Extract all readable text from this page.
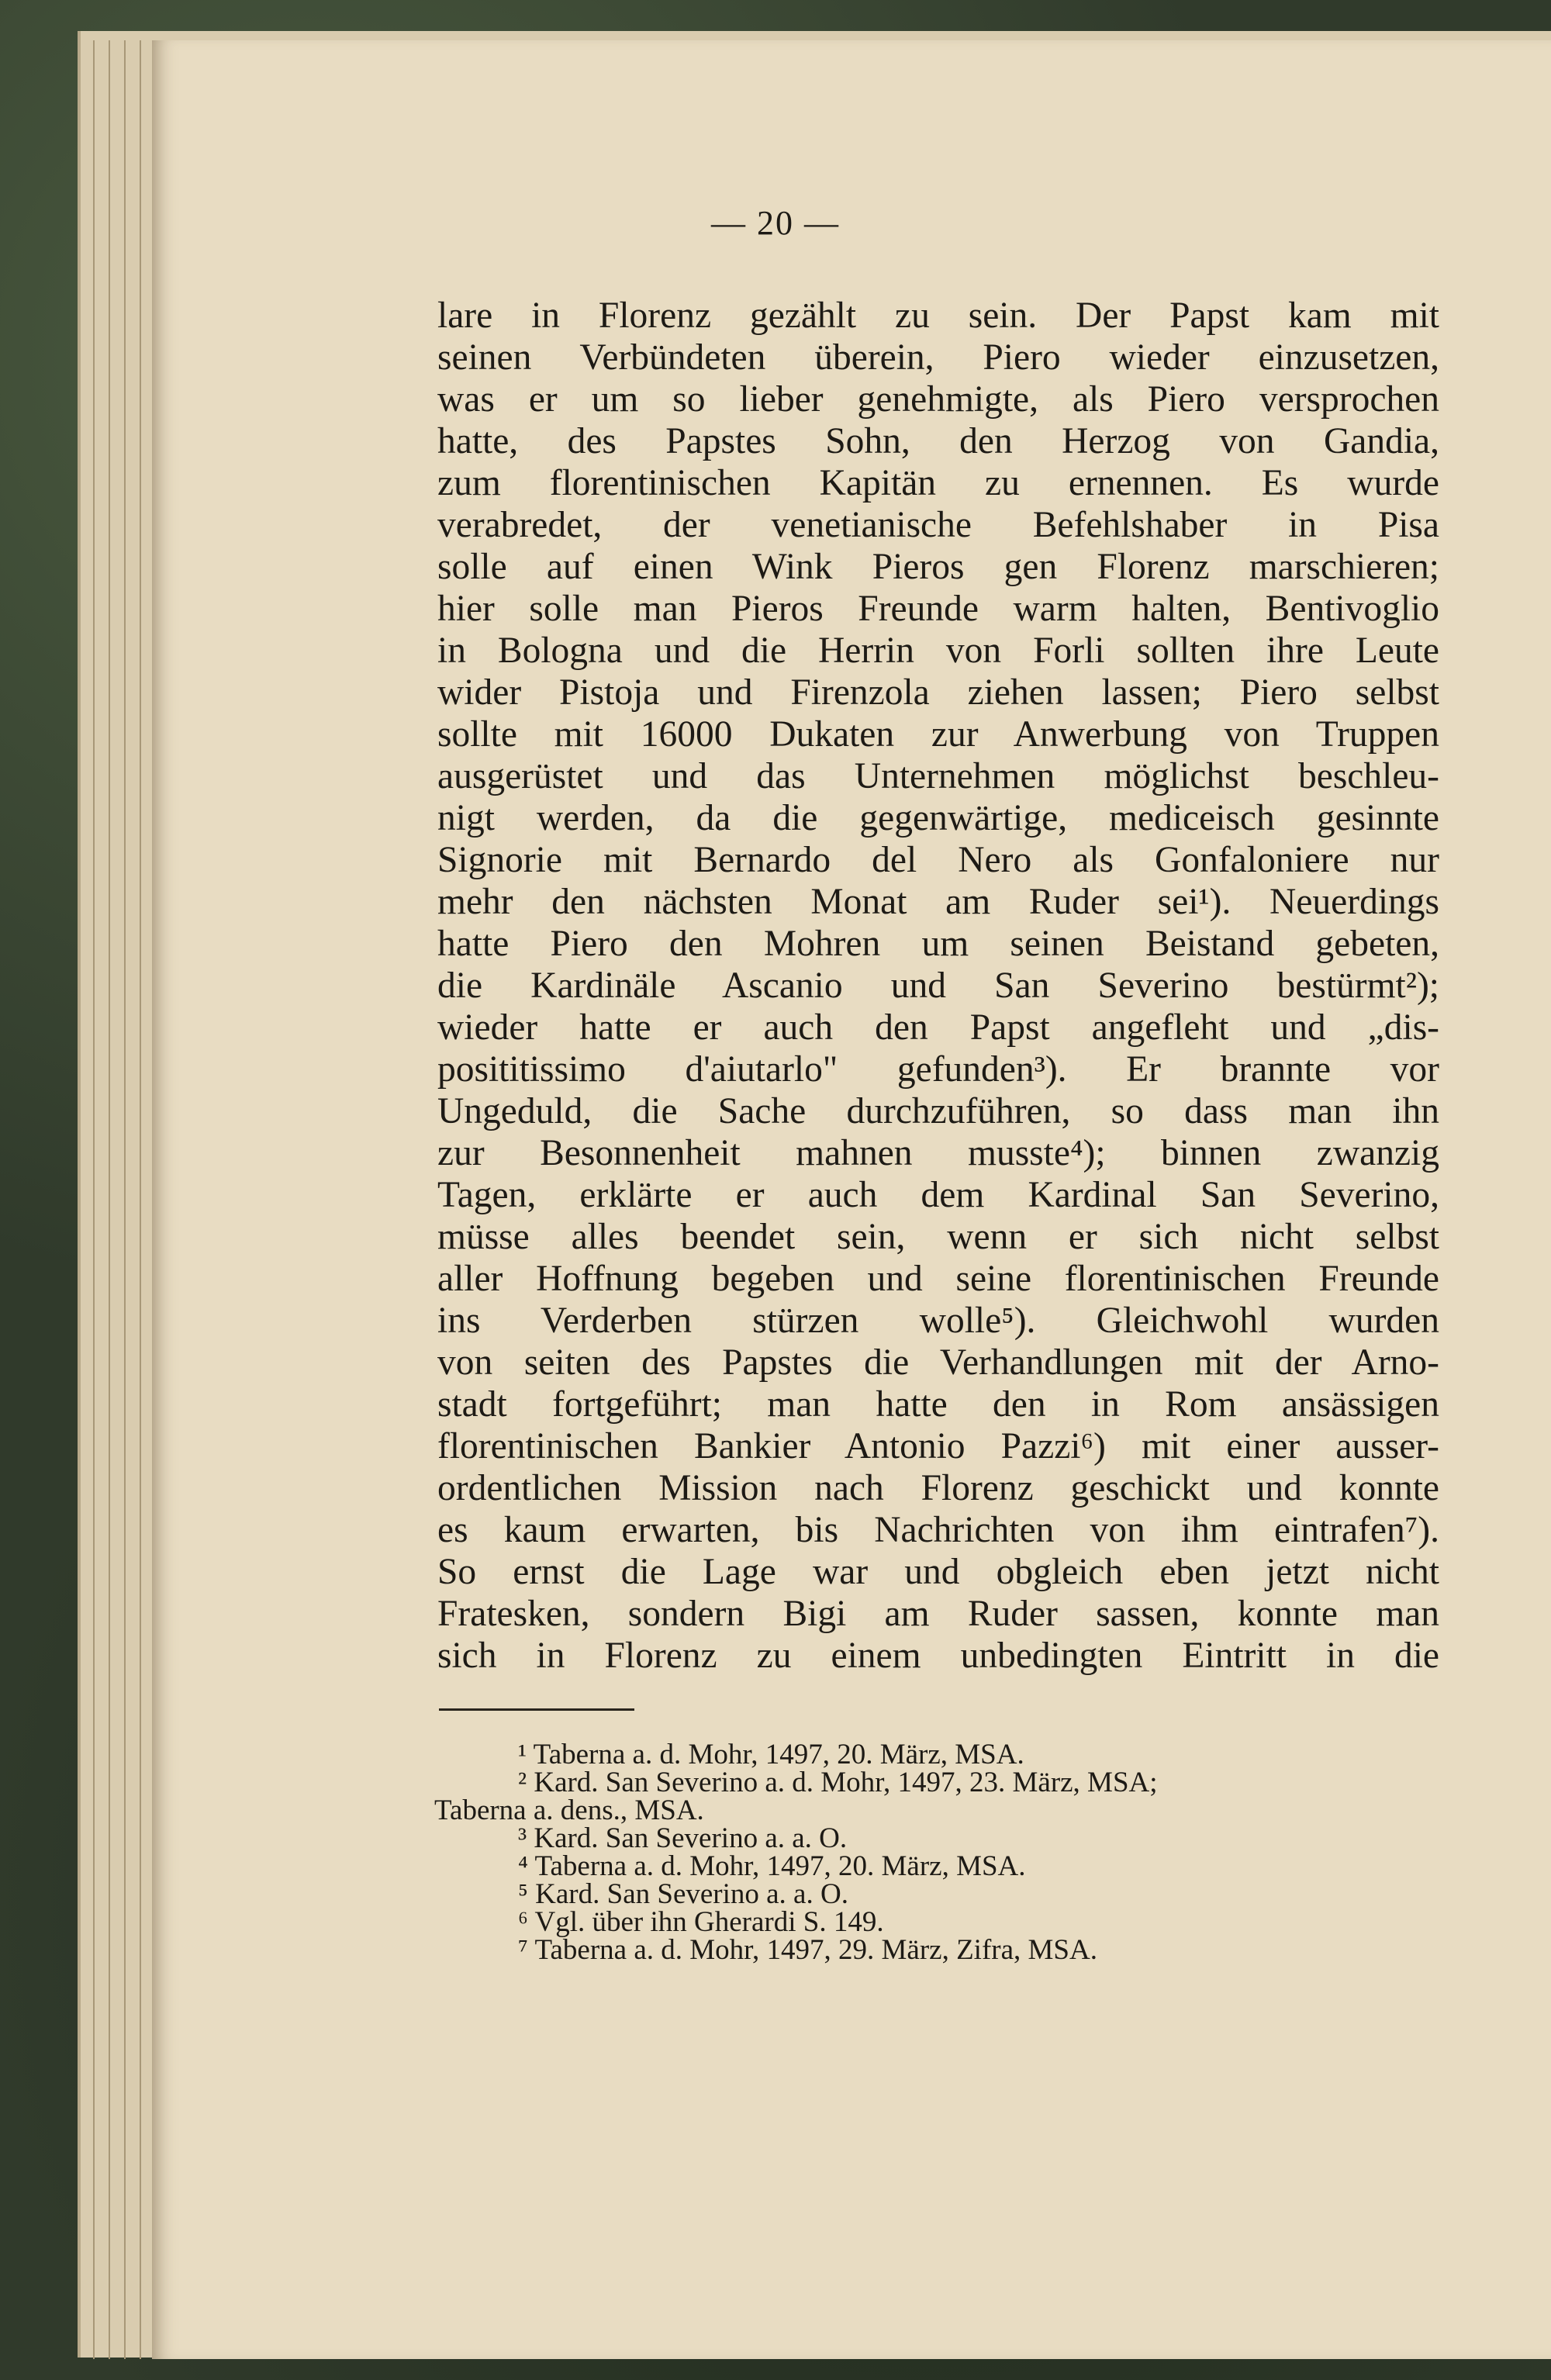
— 20 —
lare in Florenz gezählt zu sein. Der Papst kam mit
seinen Verbündeten überein, Piero wieder einzusetzen,
was er um so lieber genehmigte, als Piero versprochen
hatte, des Papstes Sohn, den Herzog von Gandia,
zum florentinischen Kapitän zu ernennen. Es wurde
verabredet, der venetianische Befehlshaber in Pisa
solle auf einen Wink Pieros gen Florenz marschieren;
hier solle man Pieros Freunde warm halten, Bentivoglio
in Bologna und die Herrin von Forli sollten ihre Leute
wider Pistoja und Firenzola ziehen lassen; Piero selbst
sollte mit 16000 Dukaten zur Anwerbung von Truppen
ausgerüstet und das Unternehmen möglichst beschleu-
nigt werden, da die gegenwärtige, mediceisch gesinnte
Signorie mit Bernardo del Nero als Gonfaloniere nur
mehr den nächsten Monat am Ruder sei¹). Neuerdings
hatte Piero den Mohren um seinen Beistand gebeten,
die Kardinäle Ascanio und San Severino bestürmt²);
wieder hatte er auch den Papst angefleht und „dis-
posititissimo d'aiutarlo" gefunden³). Er brannte vor
Ungeduld, die Sache durchzuführen, so dass man ihn
zur Besonnenheit mahnen musste⁴); binnen zwanzig
Tagen, erklärte er auch dem Kardinal San Severino,
müsse alles beendet sein, wenn er sich nicht selbst
aller Hoffnung begeben und seine florentinischen Freunde
ins Verderben stürzen wolle⁵). Gleichwohl wurden
von seiten des Papstes die Verhandlungen mit der Arno-
stadt fortgeführt; man hatte den in Rom ansässigen
florentinischen Bankier Antonio Pazzi⁶) mit einer ausser-
ordentlichen Mission nach Florenz geschickt und konnte
es kaum erwarten, bis Nachrichten von ihm eintrafen⁷).
So ernst die Lage war und obgleich eben jetzt nicht
Fratesken, sondern Bigi am Ruder sassen, konnte man
sich in Florenz zu einem unbedingten Eintritt in die
¹ Taberna a. d. Mohr, 1497, 20. März, MSA.
² Kard. San Severino a. d. Mohr, 1497, 23. März, MSA;
Taberna a. dens., MSA.
³ Kard. San Severino a. a. O.
⁴ Taberna a. d. Mohr, 1497, 20. März, MSA.
⁵ Kard. San Severino a. a. O.
⁶ Vgl. über ihn Gherardi S. 149.
⁷ Taberna a. d. Mohr, 1497, 29. März, Zifra, MSA.
